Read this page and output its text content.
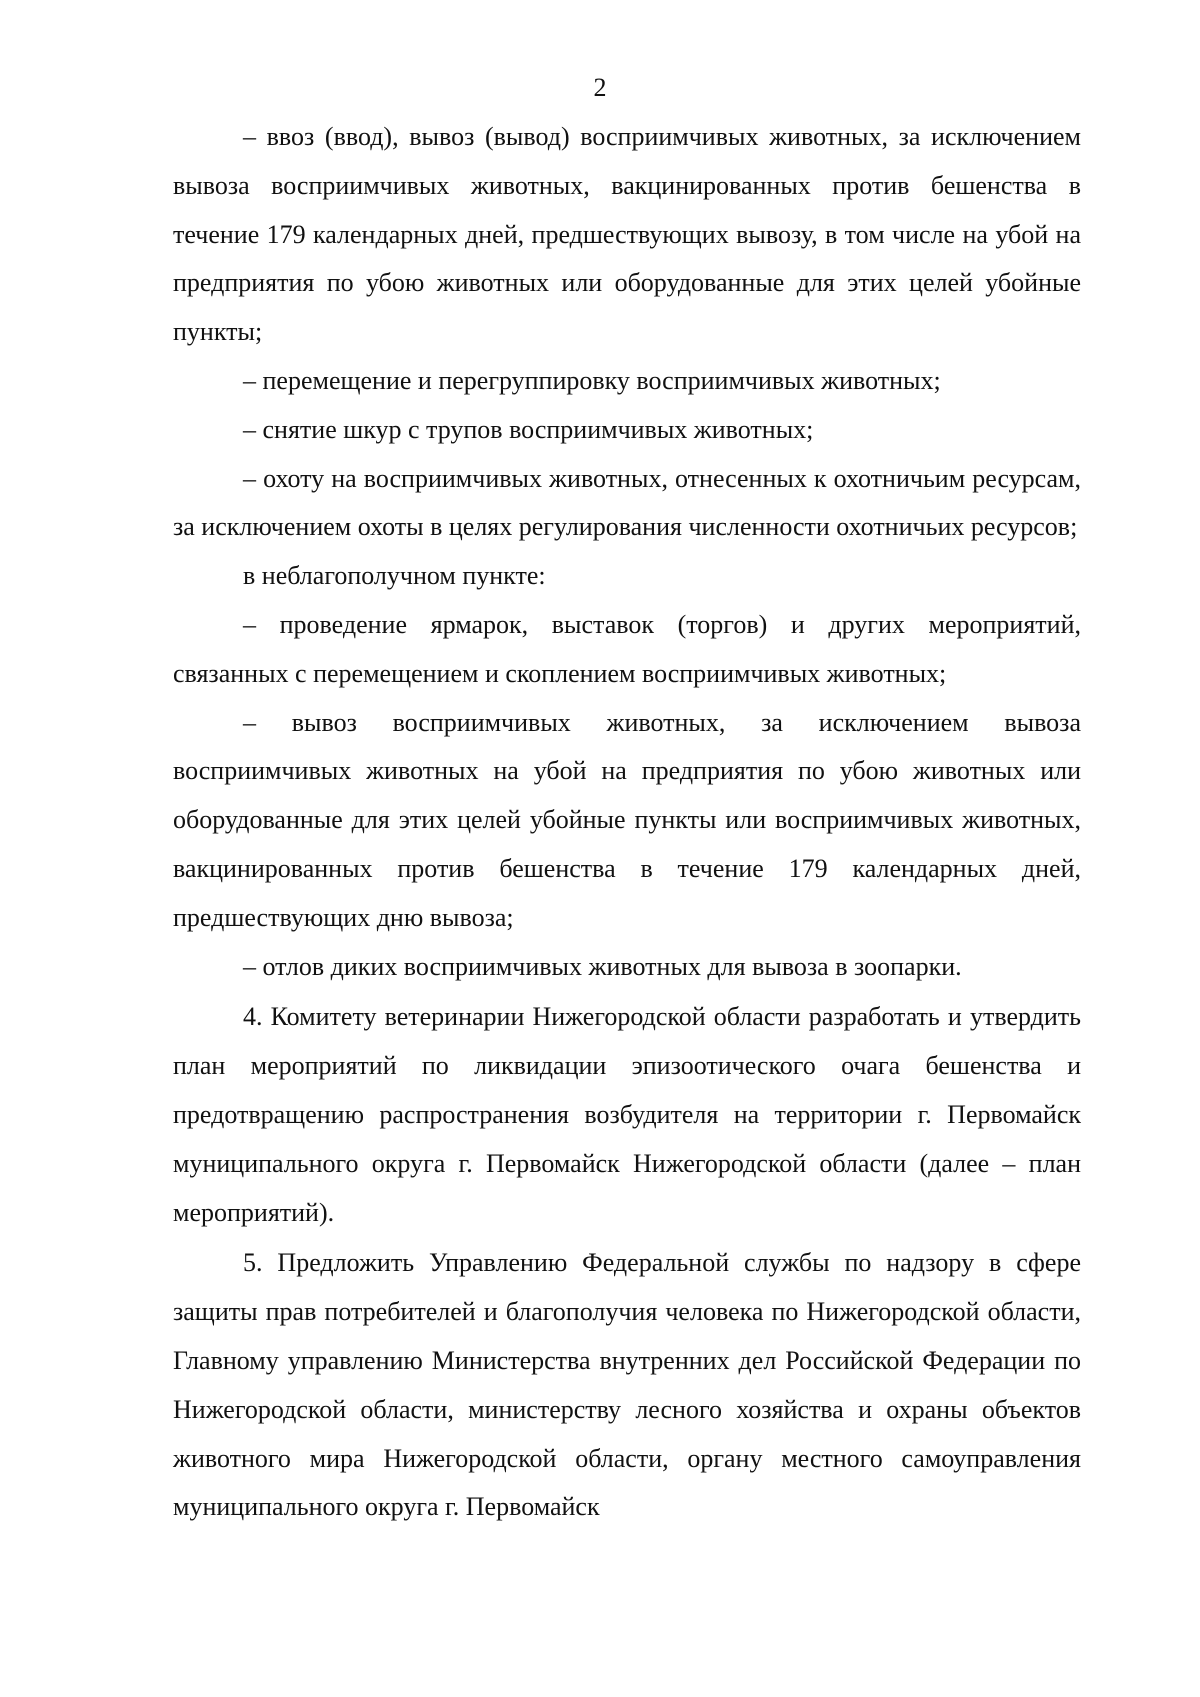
2

– ввоз (ввод), вывоз (вывод) восприимчивых животных, за исключением вывоза восприимчивых животных, вакцинированных против бешенства в течение 179 календарных дней, предшествующих вывозу, в том числе на убой на предприятия по убою животных или оборудованные для этих целей убойные пункты;

– перемещение и перегруппировку восприимчивых животных;

– снятие шкур с трупов восприимчивых животных;

– охоту на восприимчивых животных, отнесенных к охотничьим ресурсам, за исключением охоты в целях регулирования численности охотничьих ресурсов;

в неблагополучном пункте:

– проведение ярмарок, выставок (торгов) и других мероприятий, связанных с перемещением и скоплением восприимчивых животных;

– вывоз восприимчивых животных, за исключением вывоза восприимчивых животных на убой на предприятия по убою животных или оборудованные для этих целей убойные пункты или восприимчивых животных, вакцинированных против бешенства в течение 179 календарных дней, предшествующих дню вывоза;

– отлов диких восприимчивых животных для вывоза в зоопарки.

4. Комитету ветеринарии Нижегородской области разработать и утвердить план мероприятий по ликвидации эпизоотического очага бешенства и предотвращению распространения возбудителя на территории г. Первомайск муниципального округа г. Первомайск Нижегородской области (далее – план мероприятий).

5. Предложить Управлению Федеральной службы по надзору в сфере защиты прав потребителей и благополучия человека по Нижегородской области, Главному управлению Министерства внутренних дел Российской Федерации по Нижегородской области, министерству лесного хозяйства и охраны объектов животного мира Нижегородской области, органу местного самоуправления муниципального округа г. Первомайск
